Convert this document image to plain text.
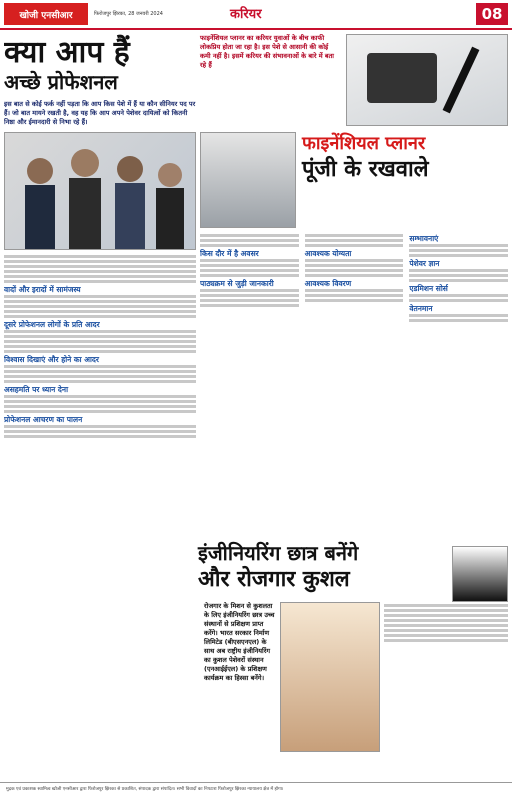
खोजी एनसीआर	फिरोजपुर झिरका, 28 जनवरी 2024	करियर	08
क्या आप हैं
अच्छे प्रोफेशनल
इस बात से कोई फर्क नहीं पड़ता कि आप किस पेशे में हैं या कौन सीनियर पद पर हैं। जो बात मायने रखती है, वह यह कि आप अपने पेशेवर दायित्वों को कितनी निष्ठा और ईमानदारी से निभा रहे हैं।
वादों और इरादों में सामंजस्य
दूसरे प्रोफेशनल लोगों के प्रति आदर
विश्वास दिखाएं और होने का आदर
असहमति पर ध्यान देना
प्रोफेशनल आचरण का पालन
फाइनेंशियल प्लानर का करियर युवाओं के बीच काफी लोकप्रिय होता जा रहा है। इस पेशे से आसानी की कोई कमी नहीं है। इसमें करियर की संभावनाओं के बारे में बता रहे हैं
फाइनेंशियल प्लानर
पूंजी के रखवाले
किस दौर में है अवसर
पाठ्यक्रम से जुड़ी जानकारी
आवश्यक योग्यता
आवश्यक विवरण
सम्भावनाएं
पेशेवर ज्ञान
एडमिशन सोर्स
वेतनमान
इंजीनियरिंग छात्र बनेंगे
और रोजगार कुशल
रोजगार के मिशन से कुशलता के लिए इंजीनियरिंग छात्र उच्च संस्थानों से प्रशिक्षण प्राप्त करेंगे। भारत सरकार निर्माण लिमिटेड (बीएसएनएल) के साथ अब राष्ट्रीय इंजीनियरिंग का कुशल पेशेवरों संस्थान (एनआईईएल) के प्रशिक्षण कार्यक्रम का हिस्सा बनेंगे।
मुद्रक एवं प्रकाशक स्वामित्व खोजी एनसीआर द्वारा फिरोजपुर झिरका से प्रकाशित, संपादक द्वारा संपादित। सभी विवादों का निपटारा फिरोजपुर झिरका न्यायालय क्षेत्र में होगा।
